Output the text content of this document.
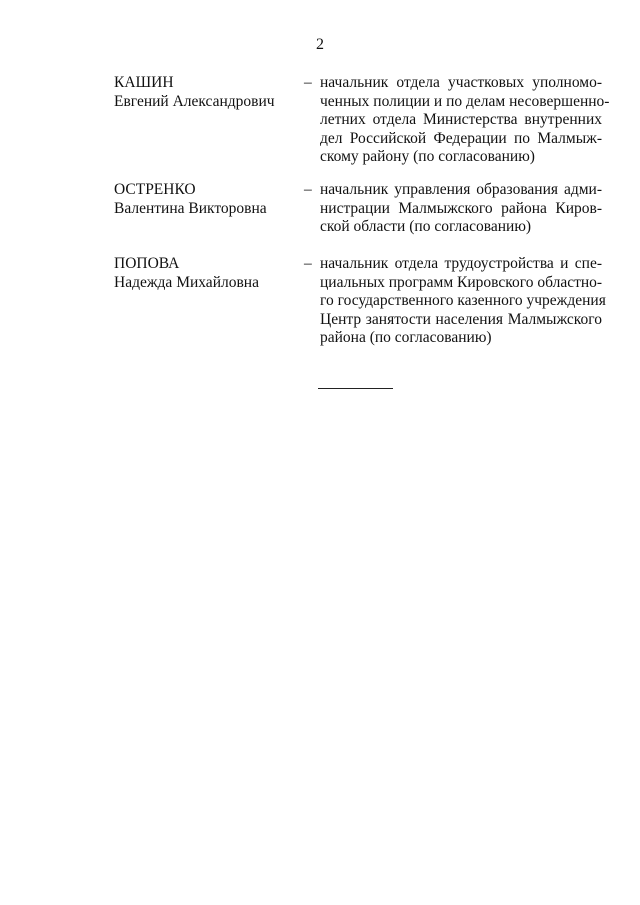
2
КАШИН
Евгений Александрович
– начальник отдела участковых уполномо-
ченных полиции и по делам несовершенно-
летних отдела Министерства внутренних
дел Российской Федерации по Малмыж-
скому району (по согласованию)
ОСТРЕНКО
Валентина Викторовна
– начальник управления образования адми-
нистрации Малмыжского района Киров-
ской области (по согласованию)
ПОПОВА
Надежда Михайловна
– начальник отдела трудоустройства и спе-
циальных программ Кировского областно-
го государственного казенного учреждения
Центр занятости населения Малмыжского
района (по согласованию)
